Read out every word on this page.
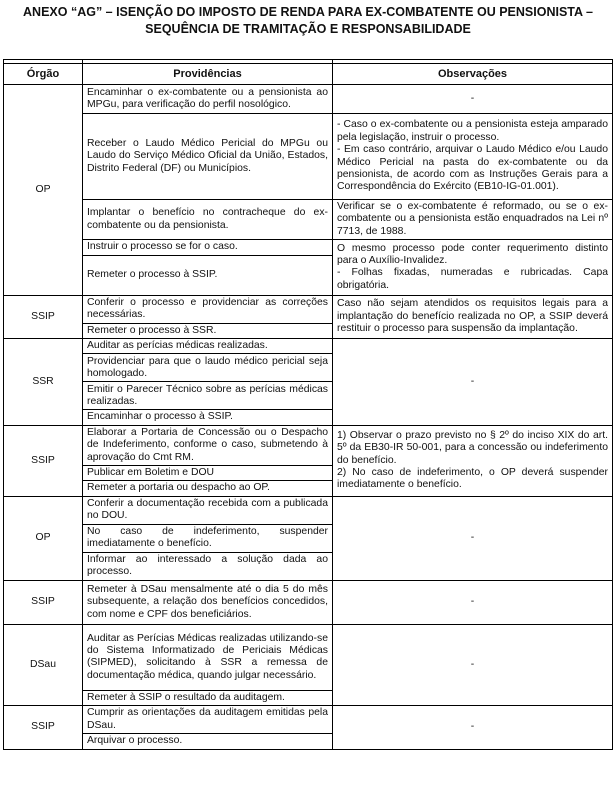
ANEXO “AG” – ISENÇÃO DO IMPOSTO DE RENDA PARA EX-COMBATENTE OU PENSIONISTA –
SEQUÊNCIA DE TRAMITAÇÃO E RESPONSABILIDADE

Órgão	Providências	Observações
OP	Encaminhar o ex-combatente ou a pensionista ao MPGu, para verificação do perfil nosológico.	-
	Receber o Laudo Médico Pericial do MPGu ou Laudo do Serviço Médico Oficial da União, Estados, Distrito Federal (DF) ou Municípios.	- Caso o ex-combatente ou a pensionista esteja amparado pela legislação, instruir o processo.
- Em caso contrário, arquivar o Laudo Médico e/ou Laudo Médico Pericial na pasta do ex-combatente ou da pensionista, de acordo com as Instruções Gerais para a Correspondência do Exército (EB10-IG-01.001).
	Implantar o benefício no contracheque do ex-combatente ou da pensionista.	Verificar se o ex-combatente é reformado, ou se o ex-combatente ou a pensionista estão enquadrados na Lei nº 7713, de 1988.
	Instruir o processo se for o caso.	O mesmo processo pode conter requerimento distinto para o Auxílio-Invalidez.
- Folhas fixadas, numeradas e rubricadas. Capa obrigatória.
	Remeter o processo à SSIP.	

SSIP	Conferir o processo e providenciar as correções necessárias.	Caso não sejam atendidos os requisitos legais para a implantação do benefício realizada no OP, a SSIP deverá restituir o processo para suspensão da implantação.
	Remeter o processo à SSR.	
SSR	Auditar as perícias médicas realizadas.	-
	Providenciar para que o laudo médico pericial seja homologado.	
	Emitir o Parecer Técnico sobre as perícias médicas realizadas.	
	Encaminhar o processo à SSIP.	
SSIP	Elaborar a Portaria de Concessão ou o Despacho de Indeferimento, conforme o caso, submetendo à aprovação do Cmt RM.	1) Observar o prazo previsto no § 2º do inciso XIX do art. 5º da EB30-IR 50-001, para a concessão ou indeferimento do benefício.
2) No caso de indeferimento, o OP deverá suspender imediatamente o benefício.
	Publicar em Boletim e DOU	
	Remeter a portaria ou despacho ao OP.	
OP	Conferir a documentação recebida com a publicada no DOU.	-
	No caso de indeferimento, suspender imediatamente o benefício.	
	Informar ao interessado a solução dada ao processo.	
SSIP	Remeter à DSau mensalmente até o dia 5 do mês subsequente, a relação dos benefícios concedidos, com nome e CPF dos beneficiários.	-
DSau	Auditar as Perícias Médicas realizadas utilizando-se do Sistema Informatizado de Periciais Médicas (SIPMED), solicitando à SSR a remessa de documentação médica, quando julgar necessário.	-
	Remeter à SSIP o resultado da auditagem.	
SSIP	Cumprir as orientações da auditagem emitidas pela DSau.	-
	Arquivar o processo.	
